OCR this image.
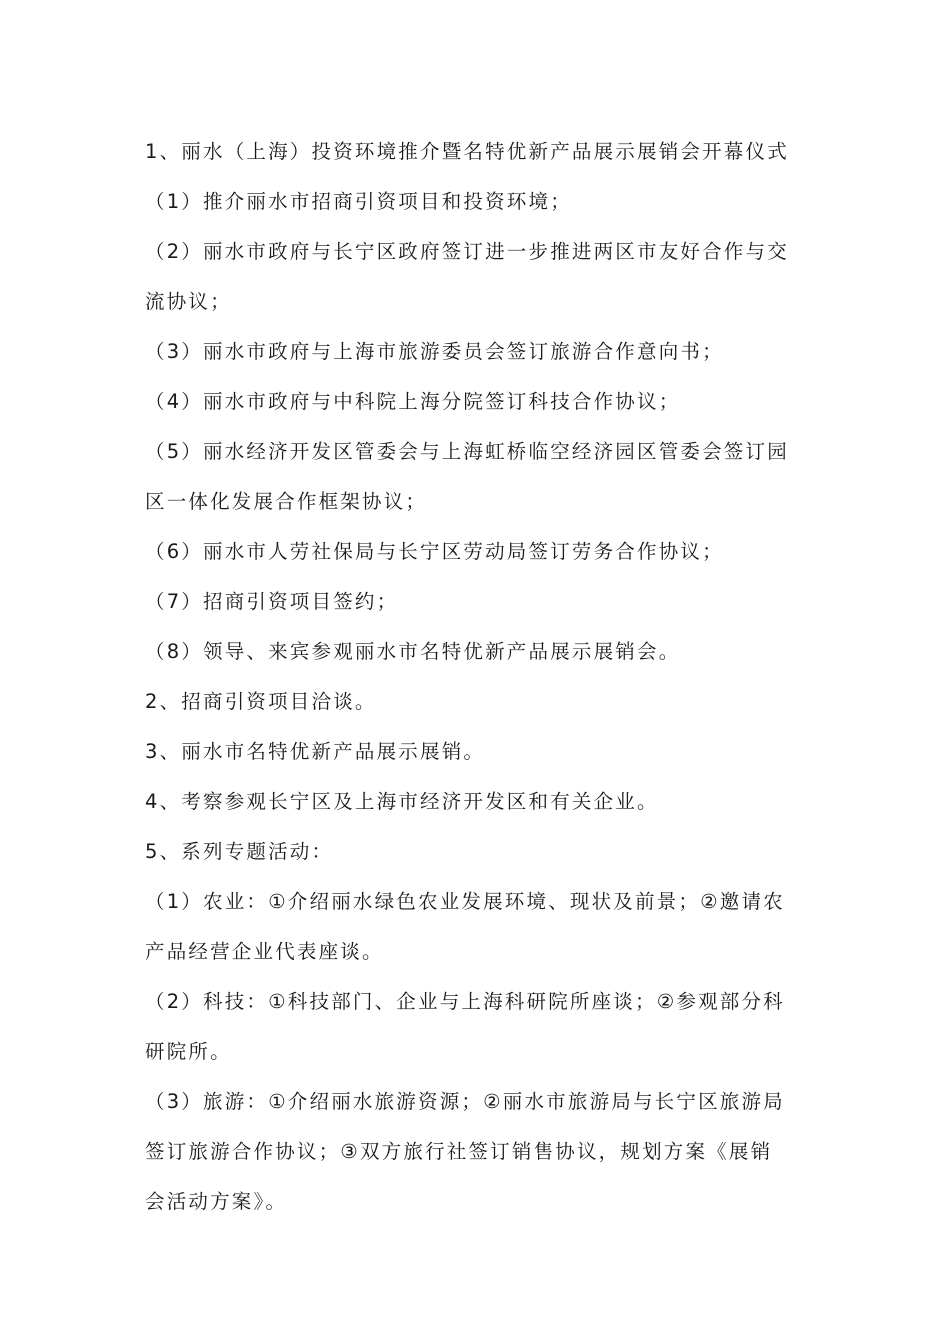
1、丽水（上海）投资环境推介暨名特优新产品展示展销会开幕仪式

（1）推介丽水市招商引资项目和投资环境；

（2）丽水市政府与长宁区政府签订进一步推进两区市友好合作与交

流协议；

（3）丽水市政府与上海市旅游委员会签订旅游合作意向书；

（4）丽水市政府与中科院上海分院签订科技合作协议；

（5）丽水经济开发区管委会与上海虹桥临空经济园区管委会签订园

区一体化发展合作框架协议；

（6）丽水市人劳社保局与长宁区劳动局签订劳务合作协议；

（7）招商引资项目签约；

（8）领导、来宾参观丽水市名特优新产品展示展销会。

2、招商引资项目洽谈。

3、丽水市名特优新产品展示展销。

4、考察参观长宁区及上海市经济开发区和有关企业。

5、系列专题活动：

（1）农业：①介绍丽水绿色农业发展环境、现状及前景；②邀请农

产品经营企业代表座谈。

（2）科技：①科技部门、企业与上海科研院所座谈；②参观部分科

研院所。

（3）旅游：①介绍丽水旅游资源；②丽水市旅游局与长宁区旅游局

签订旅游合作协议；③双方旅行社签订销售协议，规划方案《展销

会活动方案》。
